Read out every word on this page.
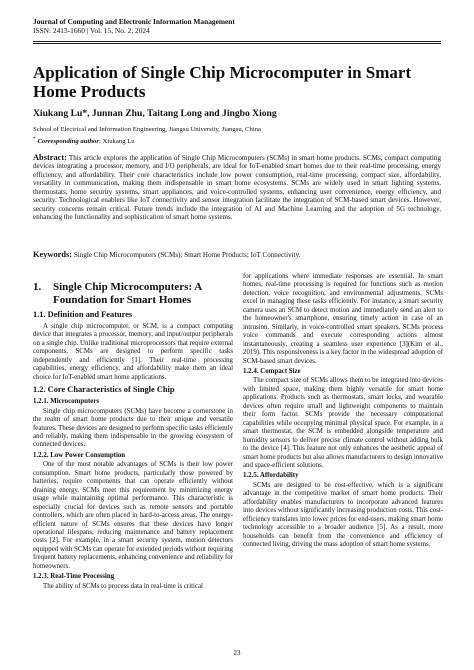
Journal of Computing and Electronic Information Management
ISSN: 2413-1660 | Vol. 15, No. 2, 2024
Application of Single Chip Microcomputer in Smart Home Products
Xiukang Lu*, Junnan Zhu, Taitang Long and Jingbo Xiong
School of Electrical and Information Engineering, Jiangsu University, Jiangsu, China
* Corresponding author: Xiukang Lu
Abstract: This article explores the application of Single Chip Microcomputers (SCMs) in smart home products. SCMs, compact computing devices integrating a processor, memory, and I/O peripherals, are ideal for IoT-enabled smart homes due to their real-time processing, energy efficiency, and affordability. Their core characteristics include low power consumption, real-time processing, compact size, affordability, versatility in communication, making them indispensable in smart home ecosystems. SCMs are widely used in smart lighting systems, thermostats, home security systems, smart appliances, and voice-controlled systems, enhancing user convenience, energy efficiency, and security. Technological enablers like IoT connectivity and sensor integration facilitate the integration of SCM-based smart devices. However, security concerns remain critical. Future trends include the integration of AI and Machine Learning and the adoption of 5G technology, enhancing the functionality and sophistication of smart home systems.
Keywords: Single Chip Microcomputers (SCMs); Smart Home Products; IoT Connectivity.
1. Single Chip Microcomputers: A
Foundation for Smart Homes
1.1. Definition and Features

A single chip microcomputer, or SCM, is a compact computing device that integrates a processor, memory, and input/output peripherals on a single chip. Unlike traditional microprocessors that require external components, SCMs are designed to perform specific tasks independently and efficiently [1]. Their real-time processing capabilities, energy efficiency, and affordability make them an ideal choice for IoT-enabled smart home applications.

1.2. Core Characteristics of Single Chip
1.2.1. Microcomputers

Single chip microcomputers (SCMs) have become a cornerstone in the realm of smart home products due to their unique and versatile features. These devices are designed to perform specific tasks efficiently and reliably, making them indispensable in the growing ecosystem of connected devices.

1.2.2. Low Power Consumption

One of the most notable advantages of SCMs is their low power consumption. Smart home products, particularly those powered by batteries, require components that can operate efficiently without draining energy. SCMs meet this requirement by minimizing energy usage while maintaining optimal performance. This characteristic is especially crucial for devices such as remote sensors and portable controllers, which are often placed in hard-to-access areas. The energy-efficient nature of SCMs ensures that these devices have longer operational lifespans, reducing maintenance and battery replacement costs [2]. For example, in a smart security system, motion detectors equipped with SCMs can operate for extended periods without requiring frequent battery replacements, enhancing convenience and reliability for homeowners.

1.2.3. Real-Time Processing

The ability of SCMs to process data in real-time is critical

for applications where immediate responses are essential. In smart homes, real-time processing is required for functions such as motion detection, voice recognition, and environmental adjustments. SCMs excel in managing these tasks efficiently. For instance, a smart security camera uses an SCM to detect motion and immediately send an alert to the homeowner's smartphone, ensuring timely action in case of an intrusion. Similarly, in voice-controlled smart speakers, SCMs process voice commands and execute corresponding actions almost instantaneously, creating a seamless user experience [3](Kim et al., 2019). This responsiveness is a key factor in the widespread adoption of SCM-based smart devices.

1.2.4. Compact Size

The compact size of SCMs allows them to be integrated into devices with limited space, making them highly versatile for smart home applications. Products such as thermostats, smart locks, and wearable devices often require small and lightweight components to maintain their form factor. SCMs provide the necessary computational capabilities while occupying minimal physical space. For example, in a smart thermostat, the SCM is embedded alongside temperature and humidity sensors to deliver precise climate control without adding bulk to the device [4]. This feature not only enhances the aesthetic appeal of smart home products but also allows manufacturers to design innovative and space-efficient solutions.

1.2.5. Affordability

SCMs are designed to be cost-effective, which is a significant advantage in the competitive market of smart home products. Their affordability enables manufacturers to incorporate advanced features into devices without significantly increasing production costs. This cost-efficiency translates into lower prices for end-users, making smart home technology accessible to a broader audience [5]. As a result, more households can benefit from the convenience and efficiency of connected living, driving the mass adoption of smart home systems.

23
